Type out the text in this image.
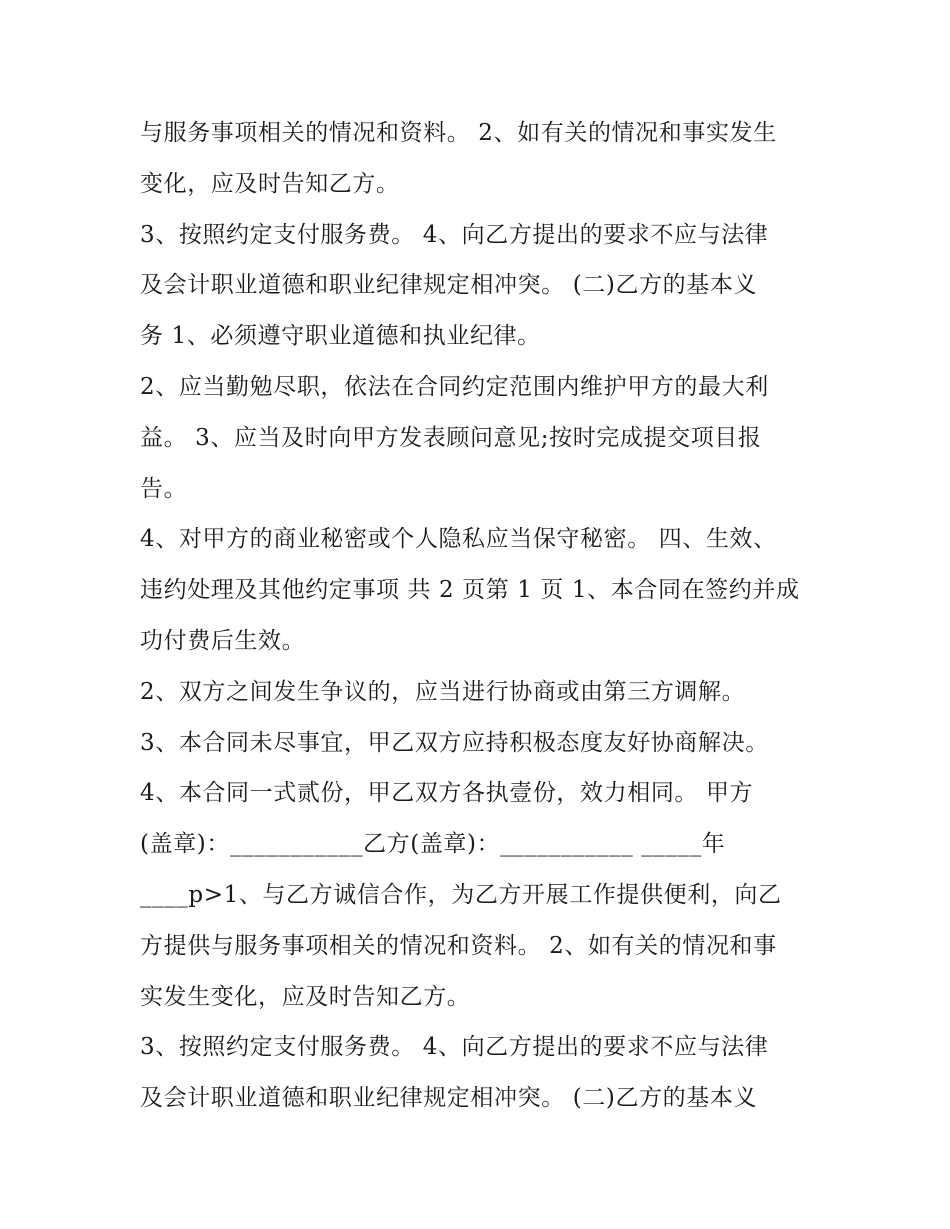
与服务事项相关的情况和资料。 2、如有关的情况和事实发生
变化，应及时告知乙方。
3、按照约定支付服务费。 4、向乙方提出的要求不应与法律
及会计职业道德和职业纪律规定相冲突。 (二)乙方的基本义
务 1、必须遵守职业道德和执业纪律。
2、应当勤勉尽职，依法在合同约定范围内维护甲方的最大利
益。 3、应当及时向甲方发表顾问意见;按时完成提交项目报
告。
4、对甲方的商业秘密或个人隐私应当保守秘密。 四、生效、
违约处理及其他约定事项 共 2 页第 1 页 1、本合同在签约并成
功付费后生效。
2、双方之间发生争议的，应当进行协商或由第三方调解。
3、本合同未尽事宜，甲乙双方应持积极态度友好协商解决。
4、本合同一式贰份，甲乙双方各执壹份，效力相同。 甲方
(盖章)：___________乙方(盖章)：___________ _____年
____p>1、与乙方诚信合作，为乙方开展工作提供便利，向乙
方提供与服务事项相关的情况和资料。 2、如有关的情况和事
实发生变化，应及时告知乙方。
3、按照约定支付服务费。 4、向乙方提出的要求不应与法律
及会计职业道德和职业纪律规定相冲突。 (二)乙方的基本义
